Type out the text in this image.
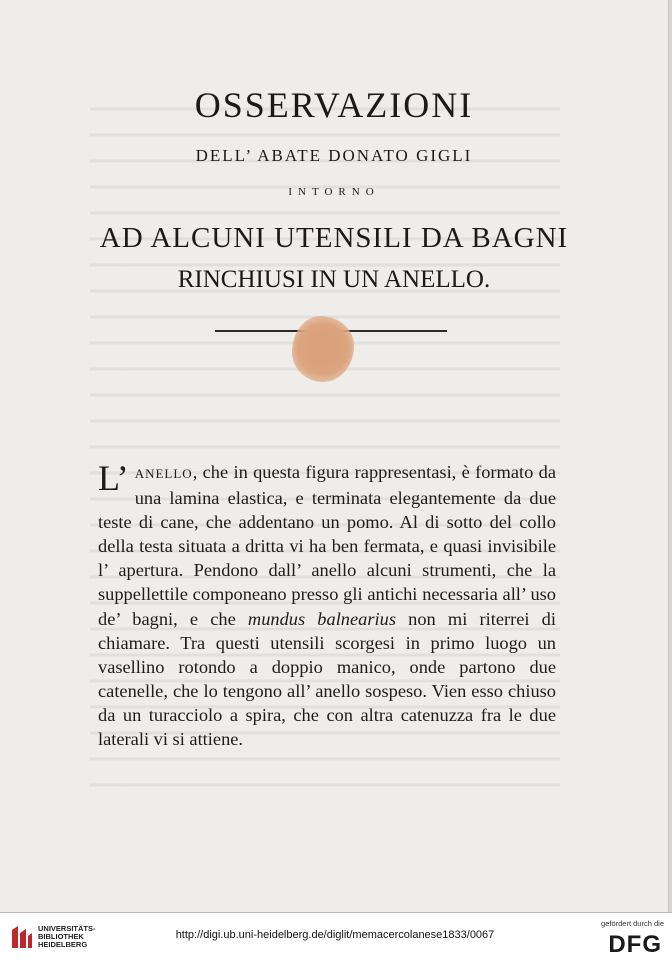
OSSERVAZIONI
DELL’ ABATE DONATO GIGLI
INTORNO
AD ALCUNI UTENSILI DA BAGNI
RINCHIUSI IN UN ANELLO.
L’ ANELLO, che in questa figura rappresentasi, è formato da una lamina elastica, e terminata elegantemente da due teste di cane, che addentano un pomo. Al di sotto del collo della testa situata a dritta vi ha ben fermata, e quasi invisibile l’ apertura. Pendono dall’ anello alcuni strumenti, che la suppellettile componeano presso gli antichi necessaria all’ uso de’ bagni, e che mundus balnearius non mi riterrei di chiamare. Tra questi utensili scorgesi in primo luogo un vasellino rotondo a doppio manico, onde partono due catenelle, che lo tengono all’ anello sospeso. Vien esso chiuso da un turacciolo a spira, che con altra catenuzza fra le due laterali vi si attiene.
UNIVERSITÄTS-
BIBLIOTHEK
HEIDELBERG
http://digi.ub.uni-heidelberg.de/diglit/memacercolanese1833/0067
gefördert durch die
DFG
